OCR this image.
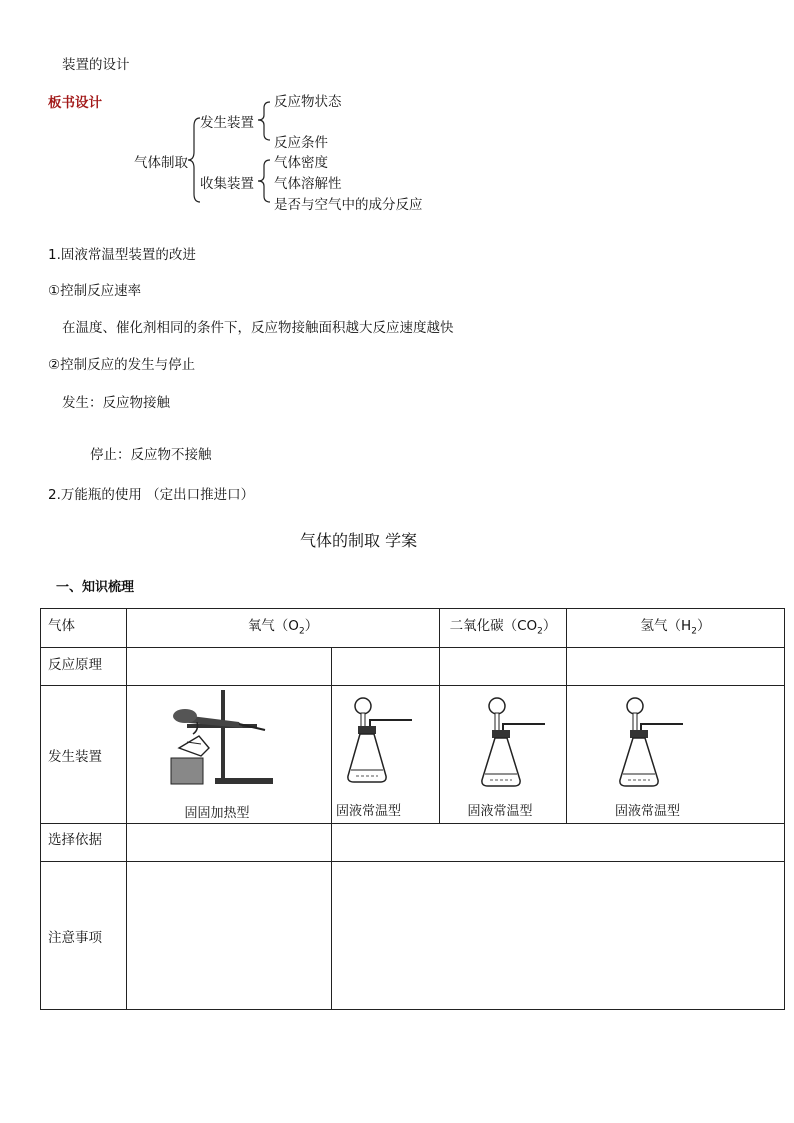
装置的设计
板书设计
气体制取
发生装置
收集装置
反应物状态
反应条件
气体密度
气体溶解性
是否与空气中的成分反应
1.固液常温型装置的改进
①控制反应速率
在温度、催化剂相同的条件下，反应物接触面积越大反应速度越快
②控制反应的发生与停止
发生：反应物接触
停止：反应物不接触
2.万能瓶的使用 （定出口推进口）
气体的制取 学案
一、知识梳理
气体	氧气$(O_2)$		二氧化碳$(CO_2)$	氢气$(H_2)$

反应原理				

发生装置	固固加热型	固液常温型	固液常温型	固液常温型

选择依据				

注意事项				
